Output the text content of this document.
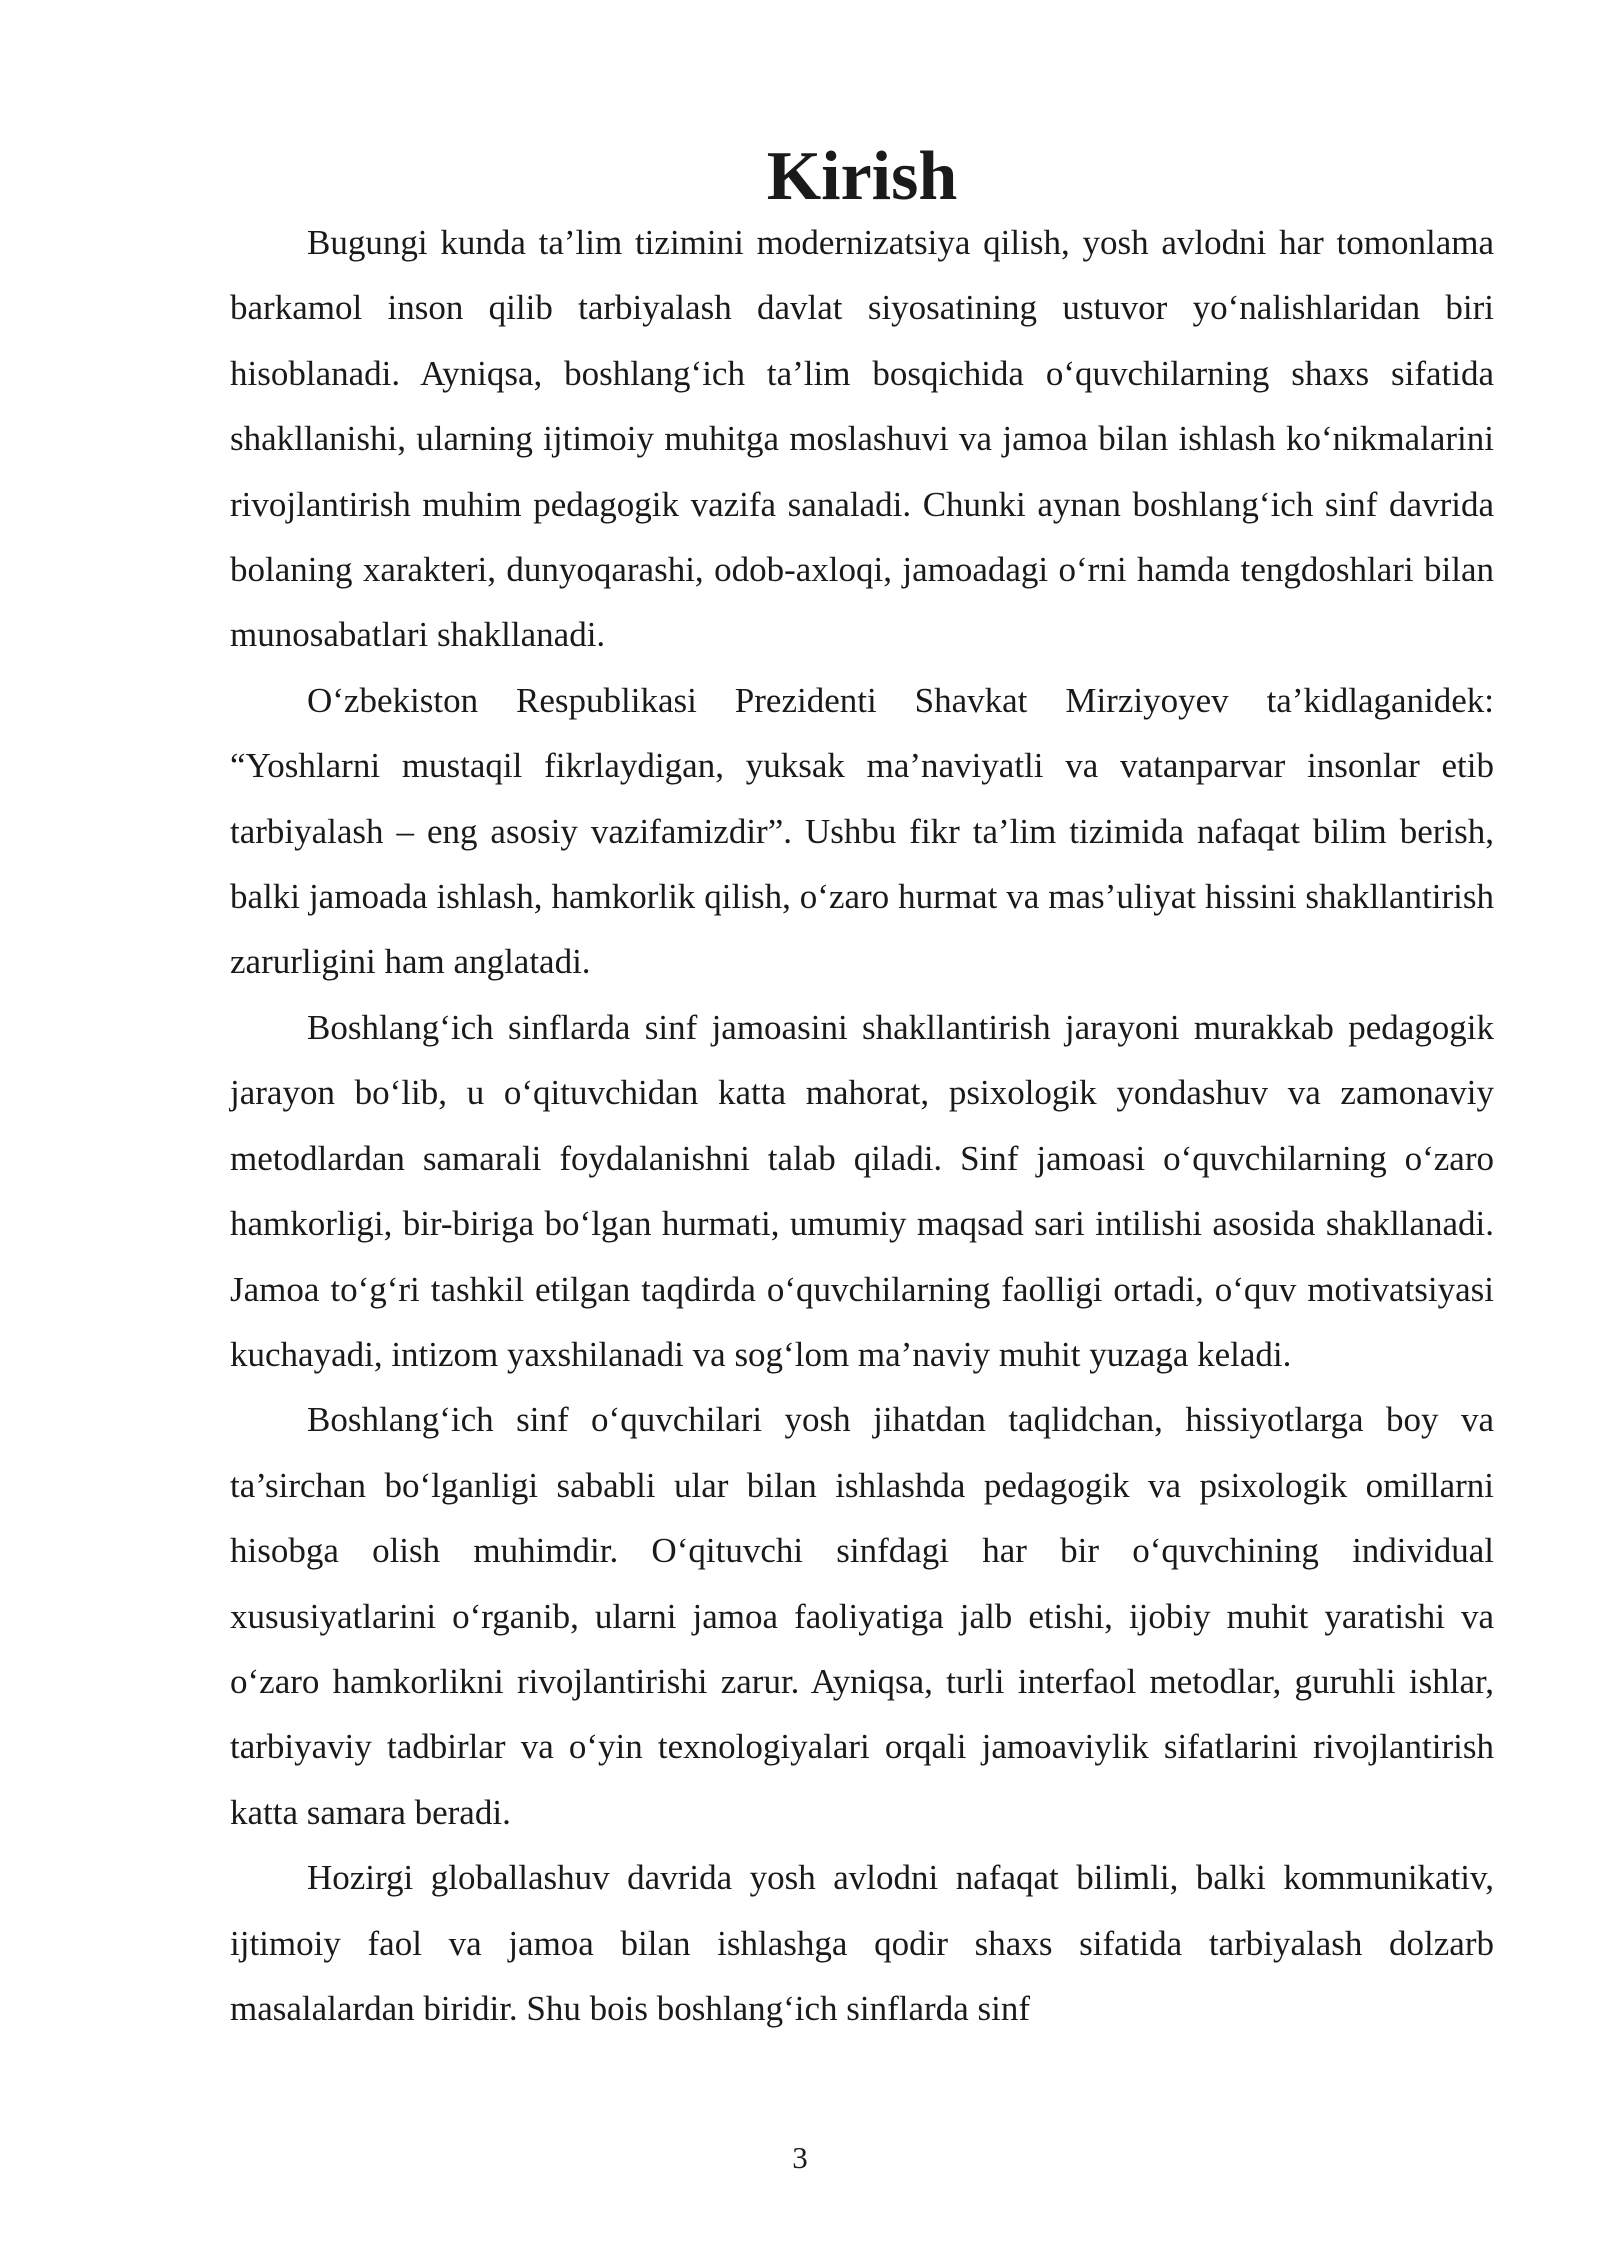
Kirish

Bugungi kunda ta’lim tizimini modernizatsiya qilish, yosh avlodni har tomonlama barkamol inson qilib tarbiyalash davlat siyosatining ustuvor yo‘nalishlaridan biri hisoblanadi. Ayniqsa, boshlang‘ich ta’lim bosqichida o‘quvchilarning shaxs sifatida shakllanishi, ularning ijtimoiy muhitga moslashuvi va jamoa bilan ishlash ko‘nikmalarini rivojlantirish muhim pedagogik vazifa sanaladi. Chunki aynan boshlang‘ich sinf davrida bolaning xarakteri, dunyoqarashi, odob-axloqi, jamoadagi o‘rni hamda tengdoshlari bilan munosabatlari shakllanadi.

O‘zbekiston Respublikasi Prezidenti Shavkat Mirziyoyev ta’kidlaganidek: “Yoshlarni mustaqil fikrlaydigan, yuksak ma’naviyatli va vatanparvar insonlar etib tarbiyalash – eng asosiy vazifamizdir”. Ushbu fikr ta’lim tizimida nafaqat bilim berish, balki jamoada ishlash, hamkorlik qilish, o‘zaro hurmat va mas’uliyat hissini shakllantirish zarurligini ham anglatadi.

Boshlang‘ich sinflarda sinf jamoasini shakllantirish jarayoni murakkab pedagogik jarayon bo‘lib, u o‘qituvchidan katta mahorat, psixologik yondashuv va zamonaviy metodlardan samarali foydalanishni talab qiladi. Sinf jamoasi o‘quvchilarning o‘zaro hamkorligi, bir-biriga bo‘lgan hurmati, umumiy maqsad sari intilishi asosida shakllanadi. Jamoa to‘g‘ri tashkil etilgan taqdirda o‘quvchilarning faolligi ortadi, o‘quv motivatsiyasi kuchayadi, intizom yaxshilanadi va sog‘lom ma’naviy muhit yuzaga keladi.

Boshlang‘ich sinf o‘quvchilari yosh jihatdan taqlidchan, hissiyotlarga boy va ta’sirchan bo‘lganligi sababli ular bilan ishlashda pedagogik va psixologik omillarni hisobga olish muhimdir. O‘qituvchi sinfdagi har bir o‘quvchining individual xususiyatlarini o‘rganib, ularni jamoa faoliyatiga jalb etishi, ijobiy muhit yaratishi va o‘zaro hamkorlikni rivojlantirishi zarur. Ayniqsa, turli interfaol metodlar, guruhli ishlar, tarbiyaviy tadbirlar va o‘yin texnologiyalari orqali jamoaviylik sifatlarini rivojlantirish katta samara beradi.

Hozirgi globallashuv davrida yosh avlodni nafaqat bilimli, balki kommunikativ, ijtimoiy faol va jamoa bilan ishlashga qodir shaxs sifatida tarbiyalash dolzarb masalalardan biridir. Shu bois boshlang‘ich sinflarda sinf

3
